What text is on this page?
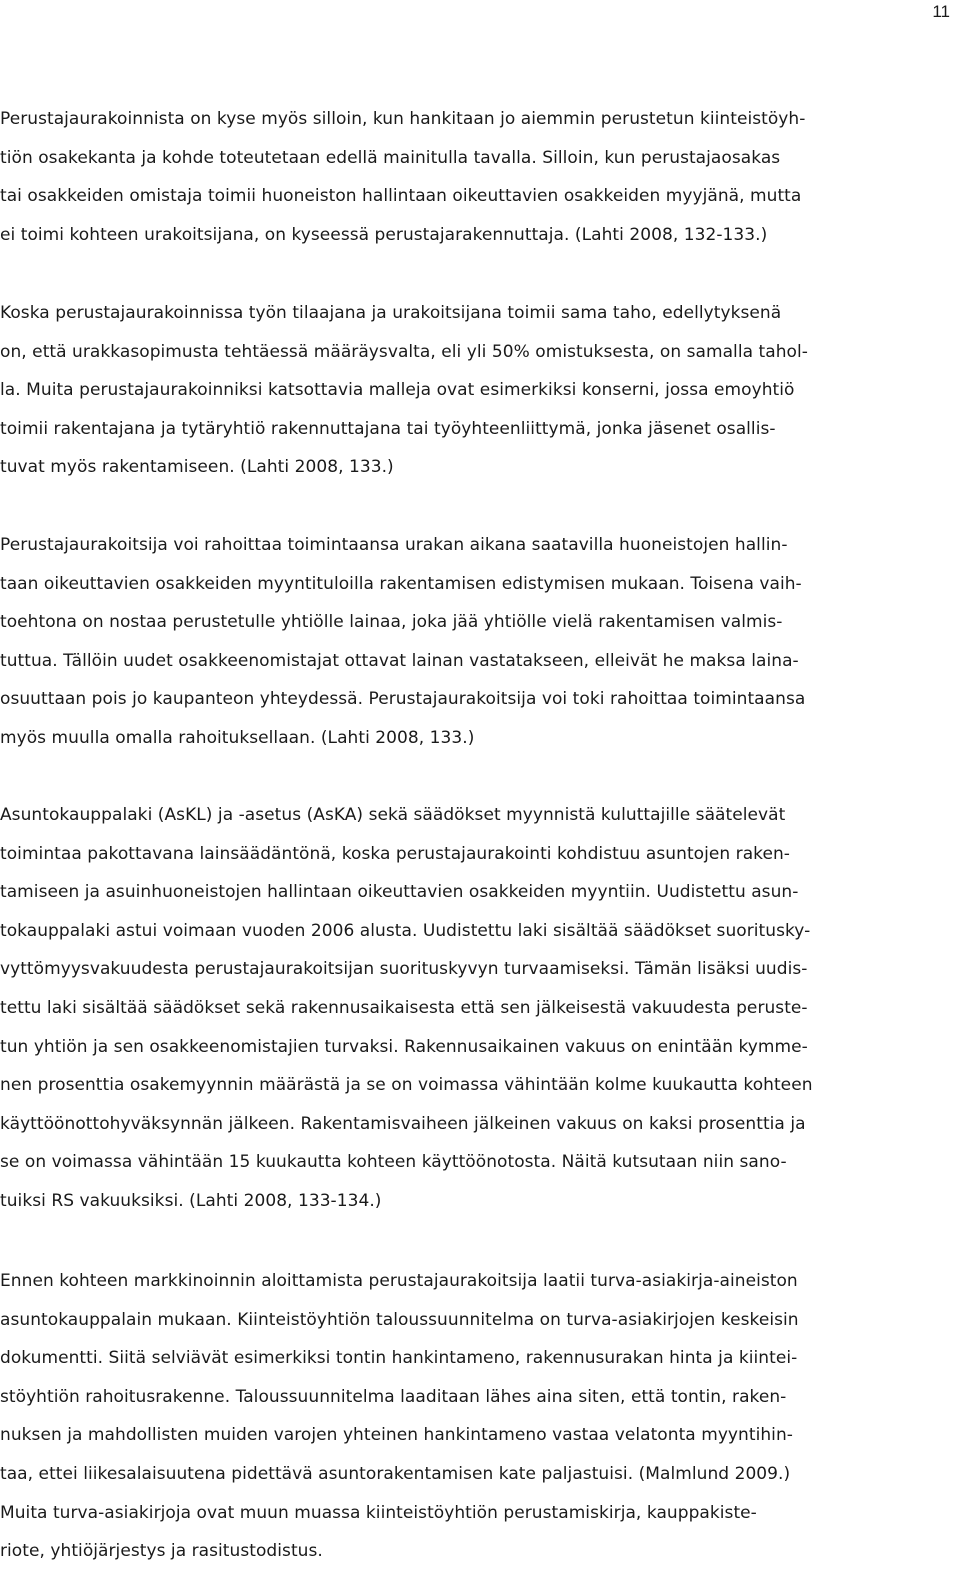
11

Perustajaurakoinnista on kyse myös silloin, kun hankitaan jo aiemmin perustetun kiinteistöyh-
tiön osakekanta ja kohde toteutetaan edellä mainitulla tavalla. Silloin, kun perustajaosakas
tai osakkeiden omistaja toimii huoneiston hallintaan oikeuttavien osakkeiden myyjänä, mutta
ei toimi kohteen urakoitsijana, on kyseessä perustajarakennuttaja. (Lahti 2008, 132-133.)

Koska perustajaurakoinnissa työn tilaajana ja urakoitsijana toimii sama taho, edellytyksenä
on, että urakkasopimusta tehtäessä määräysvalta, eli yli 50% omistuksesta, on samalla tahol-
la. Muita perustajaurakoinniksi katsottavia malleja ovat esimerkiksi konserni, jossa emoyhtiö
toimii rakentajana ja tytäryhtiö rakennuttajana tai työyhteenliittymä, jonka jäsenet osallis-
tuvat myös rakentamiseen. (Lahti 2008, 133.)

Perustajaurakoitsija voi rahoittaa toimintaansa urakan aikana saatavilla huoneistojen hallin-
taan oikeuttavien osakkeiden myyntituloilla rakentamisen edistymisen mukaan. Toisena vaih-
toehtona on nostaa perustetulle yhtiölle lainaa, joka jää yhtiölle vielä rakentamisen valmis-
tuttua. Tällöin uudet osakkeenomistajat ottavat lainan vastatakseen, elleivät he maksa laina-
osuuttaan pois jo kaupanteon yhteydessä. Perustajaurakoitsija voi toki rahoittaa toimintaansa
myös muulla omalla rahoituksellaan. (Lahti 2008, 133.)

Asuntokauppalaki (AsKL) ja -asetus (AsKA) sekä säädökset myynnistä kuluttajille säätelevät
toimintaa pakottavana lainsäädäntönä, koska perustajaurakointi kohdistuu asuntojen raken-
tamiseen ja asuinhuoneistojen hallintaan oikeuttavien osakkeiden myyntiin. Uudistettu asun-
tokauppalaki astui voimaan vuoden 2006 alusta. Uudistettu laki sisältää säädökset suoritusky-
vyttömyysvakuudesta perustajaurakoitsijan suorituskyvyn turvaamiseksi. Tämän lisäksi uudis-
tettu laki sisältää säädökset sekä rakennusaikaisesta että sen jälkeisestä vakuudesta peruste-
tun yhtiön ja sen osakkeenomistajien turvaksi. Rakennusaikainen vakuus on enintään kymme-
nen prosenttia osakemyynnin määrästä ja se on voimassa vähintään kolme kuukautta kohteen
käyttöönottohyväksynnän jälkeen. Rakentamisvaiheen jälkeinen vakuus on kaksi prosenttia ja
se on voimassa vähintään 15 kuukautta kohteen käyttöönotosta. Näitä kutsutaan niin sano-
tuiksi RS vakuuksiksi. (Lahti 2008, 133-134.)

Ennen kohteen markkinoinnin aloittamista perustajaurakoitsija laatii turva-asiakirja-aineiston
asuntokauppalain mukaan. Kiinteistöyhtiön taloussuunnitelma on turva-asiakirjojen keskeisin
dokumentti. Siitä selviävät esimerkiksi tontin hankintameno, rakennusurakan hinta ja kiintei-
stöyhtiön rahoitusrakenne. Taloussuunnitelma laaditaan lähes aina siten, että tontin, raken-
nuksen ja mahdollisten muiden varojen yhteinen hankintameno vastaa velatonta myyntihin-
taa, ettei liikesalaisuutena pidettävä asuntorakentamisen kate paljastuisi. (Malmlund 2009.)
Muita turva-asiakirjoja ovat muun muassa kiinteistöyhtiön perustamiskirja, kauppakiste-
riote, yhtiöjärjestys ja rasitustodistus.
